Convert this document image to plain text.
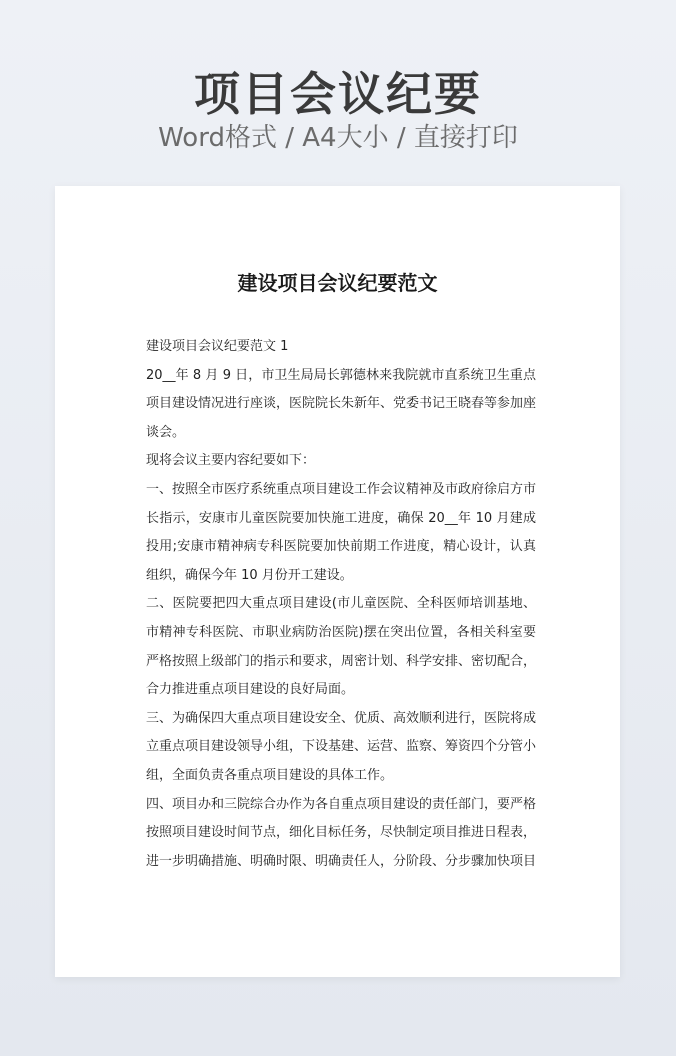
项目会议纪要
Word格式 / A4大小 / 直接打印
建设项目会议纪要范文

建设项目会议纪要范文 1

20__年 8 月 9 日，市卫生局局长郭德林来我院就市直系统卫生重点项目建设情况进行座谈，医院院长朱新年、党委书记王晓春等参加座谈会。

现将会议主要内容纪要如下：

一、按照全市医疗系统重点项目建设工作会议精神及市政府徐启方市长指示，安康市儿童医院要加快施工进度，确保 20__年 10 月建成投用;安康市精神病专科医院要加快前期工作进度，精心设计，认真组织，确保今年 10 月份开工建设。

二、医院要把四大重点项目建设(市儿童医院、全科医师培训基地、市精神专科医院、市职业病防治医院)摆在突出位置，各相关科室要严格按照上级部门的指示和要求，周密计划、科学安排、密切配合，合力推进重点项目建设的良好局面。

三、为确保四大重点项目建设安全、优质、高效顺利进行，医院将成立重点项目建设领导小组，下设基建、运营、监察、筹资四个分管小组，全面负责各重点项目建设的具体工作。

四、项目办和三院综合办作为各自重点项目建设的责任部门，要严格按照项目建设时间节点，细化目标任务，尽快制定项目推进日程表，进一步明确措施、明确时限、明确责任人，分阶段、分步骤加快项目
